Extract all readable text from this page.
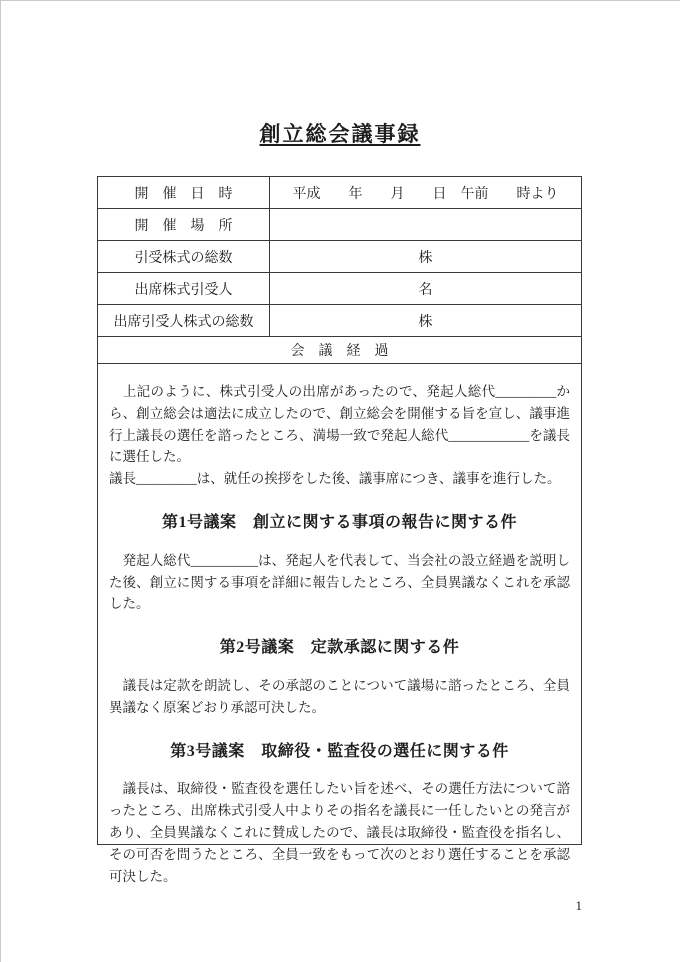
創立総会議事録
開　催　日　時	平成　　年　　月　　日　午前　　時より
開　催　場　所
引受株式の総数	株
出席株式引受人	名
出席引受人株式の総数	株
会　議　経　過

　上記のように、株式引受人の出席があったので、発起人総代_________から、創立総会は適法に成立したので、創立総会を開催する旨を宣し、議事進行上議長の選任を諮ったところ、満場一致で発起人総代____________を議長に選任した。

議長_________は、就任の挨拶をした後、議事席につき、議事を進行した。

第1号議案　創立に関する事項の報告に関する件

　発起人総代__________は、発起人を代表して、当会社の設立経過を説明した後、創立に関する事項を詳細に報告したところ、全員異議なくこれを承認した。

第2号議案　定款承認に関する件

　議長は定款を朗読し、その承認のことについて議場に諮ったところ、全員異議なく原案どおり承認可決した。

第3号議案　取締役・監査役の選任に関する件

　議長は、取締役・監査役を選任したい旨を述べ、その選任方法について諮ったところ、出席株式引受人中よりその指名を議長に一任したいとの発言があり、全員異議なくこれに賛成したので、議長は取締役・監査役を指名し、その可否を問うたところ、全員一致をもって次のとおり選任することを承認可決した。

1
